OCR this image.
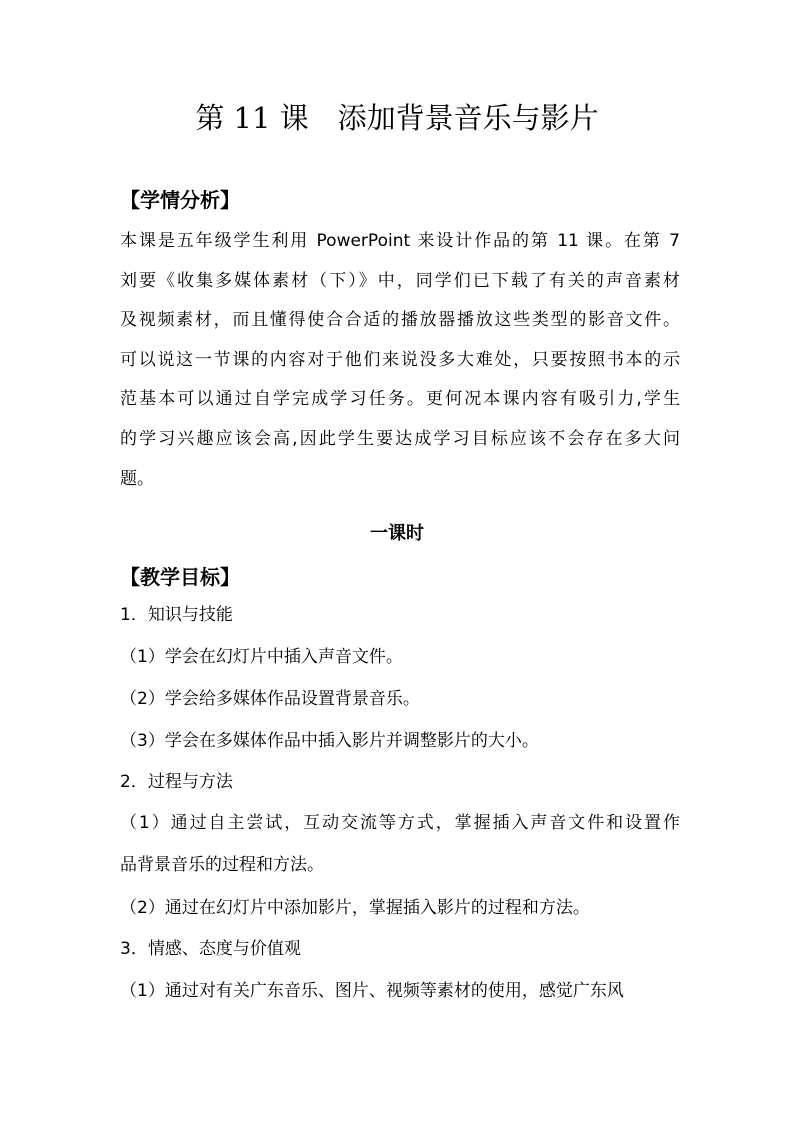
第 11 课　添加背景音乐与影片
【学情分析】
本课是五年级学生利用 PowerPoint 来设计作品的第 11 课。在第 7
刘要《收集多媒体素材（下）》中，同学们已下载了有关的声音素材
及视频素材，而且懂得使合合适的播放器播放这些类型的影音文件。
可以说这一节课的内容对于他们来说没多大难处，只要按照书本的示
范基本可以通过自学完成学习任务。更何况本课内容有吸引力,学生
的学习兴趣应该会高,因此学生要达成学习目标应该不会存在多大问
题。
一课时
【教学目标】
1．知识与技能
（1）学会在幻灯片中插入声音文件。
（2）学会给多媒体作品设置背景音乐。
（3）学会在多媒体作品中插入影片并调整影片的大小。
2．过程与方法
（1）通过自主尝试，互动交流等方式，掌握插入声音文件和设置作
品背景音乐的过程和方法。
（2）通过在幻灯片中添加影片，掌握插入影片的过程和方法。
3．情感、态度与价值观
（1）通过对有关广东音乐、图片、视频等素材的使用，感觉广东风
